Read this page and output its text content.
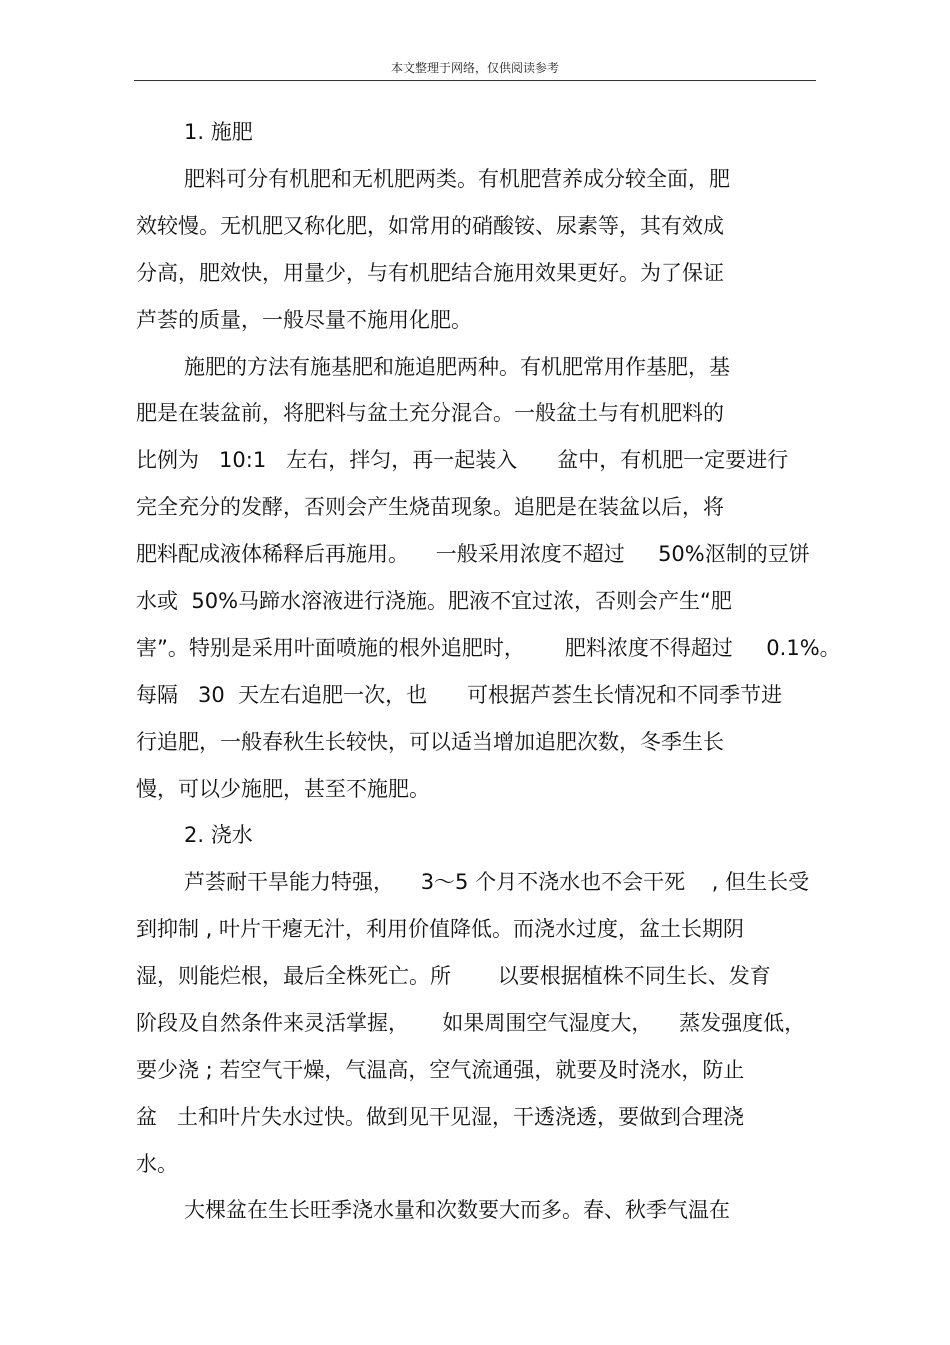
本文整理于网络，仅供阅读参考
1. 施肥
肥料可分有机肥和无机肥两类。有机肥营养成分较全面，肥
效较慢。无机肥又称化肥，如常用的硝酸铵、尿素等，其有效成
分高，肥效快，用量少，与有机肥结合施用效果更好。为了保证
芦荟的质量，一般尽量不施用化肥。
施肥的方法有施基肥和施追肥两种。有机肥常用作基肥，基
肥是在装盆前，将肥料与盆土充分混合。一般盆土与有机肥料的
比例为   10:1   左右，拌匀，再一起装入      盆中，有机肥一定要进行
完全充分的发酵，否则会产生烧苗现象。追肥是在装盆以后，将
肥料配成液体稀释后再施用。    一般采用浓度不超过     50%沤制的豆饼
水或  50%马蹄水溶液进行浇施。肥液不宜过浓，否则会产生“肥
害”。特别是采用叶面喷施的根外追肥时，      肥料浓度不得超过     0.1%。
每隔   30  天左右追肥一次，也      可根据芦荟生长情况和不同季节进
行追肥，一般春秋生长较快，可以适当增加追肥次数，冬季生长
慢，可以少施肥，甚至不施肥。
2. 浇水
芦荟耐干旱能力特强，    3～5 个月不浇水也不会干死    , 但生长受
到抑制 , 叶片干瘪无汁，利用价值降低。而浇水过度，盆土长期阴
湿，则能烂根，最后全株死亡。所       以要根据植株不同生长、发育
阶段及自然条件来灵活掌握，     如果周围空气湿度大，    蒸发强度低，
要少浇 ; 若空气干燥，气温高，空气流通强，就要及时浇水，防止
盆   土和叶片失水过快。做到见干见湿，干透浇透，要做到合理浇
水。
大棵盆在生长旺季浇水量和次数要大而多。春、秋季气温在
